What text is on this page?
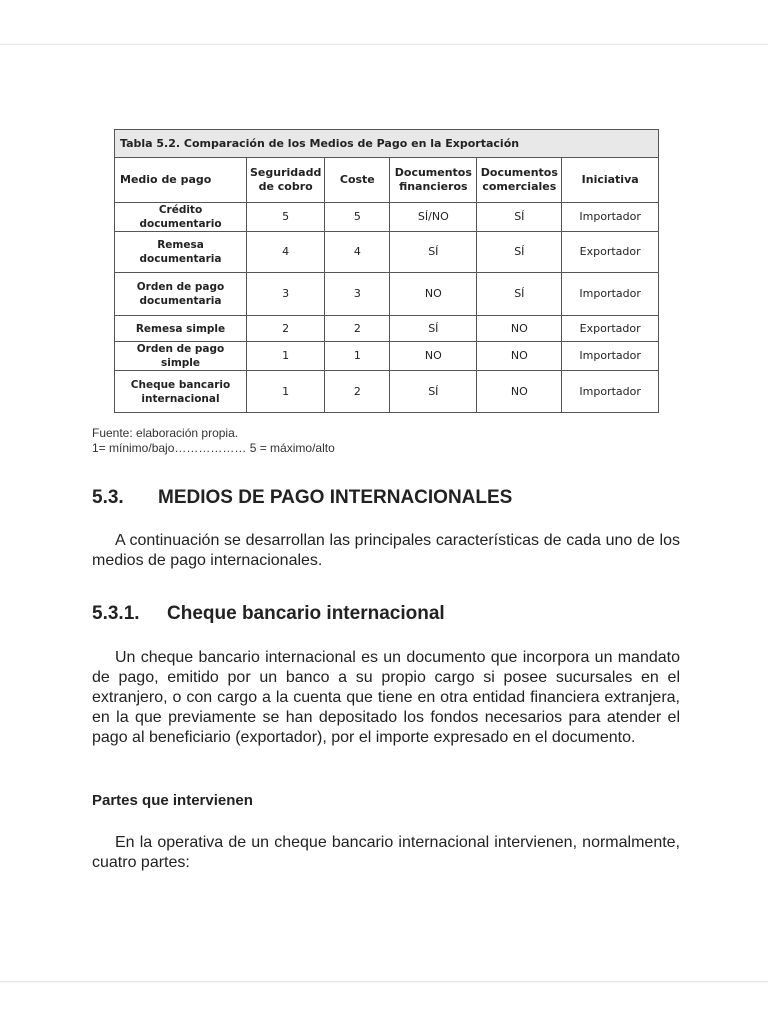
Tabla 5.2. Comparación de los Medios de Pago en la Exportación					
Medio de pago	Seguridadd de cobro	Coste	Documentos financieros	Documentos comerciales	Iniciativa
Crédito documentario	5	5	SÍ/NO	SÍ	Importador
Remesa documentaria	4	4	SÍ	SÍ	Exportador
Orden de pago documentaria	3	3	NO	SÍ	Importador
Remesa simple	2	2	SÍ	NO	Exportador
Orden de pago simple	1	1	NO	NO	Importador
Cheque bancario internacional	1	2	SÍ	NO	Importador
Fuente: elaboración propia.
1= mínimo/bajo……………… 5 = máximo/alto
5.3. MEDIOS DE PAGO INTERNACIONALES

A continuación se desarrollan las principales características de cada uno de los medios de pago internacionales.

5.3.1. Cheque bancario internacional

Un cheque bancario internacional es un documento que incorpora un mandato de pago, emitido por un banco a su propio cargo si posee sucursales en el extranjero, o con cargo a la cuenta que tiene en otra entidad financiera extranjera, en la que previamente se han depositado los fondos necesarios para atender el pago al beneficiario (exportador), por el importe expresado en el documento.

Partes que intervienen

En la operativa de un cheque bancario internacional intervienen, normalmente, cuatro partes:
